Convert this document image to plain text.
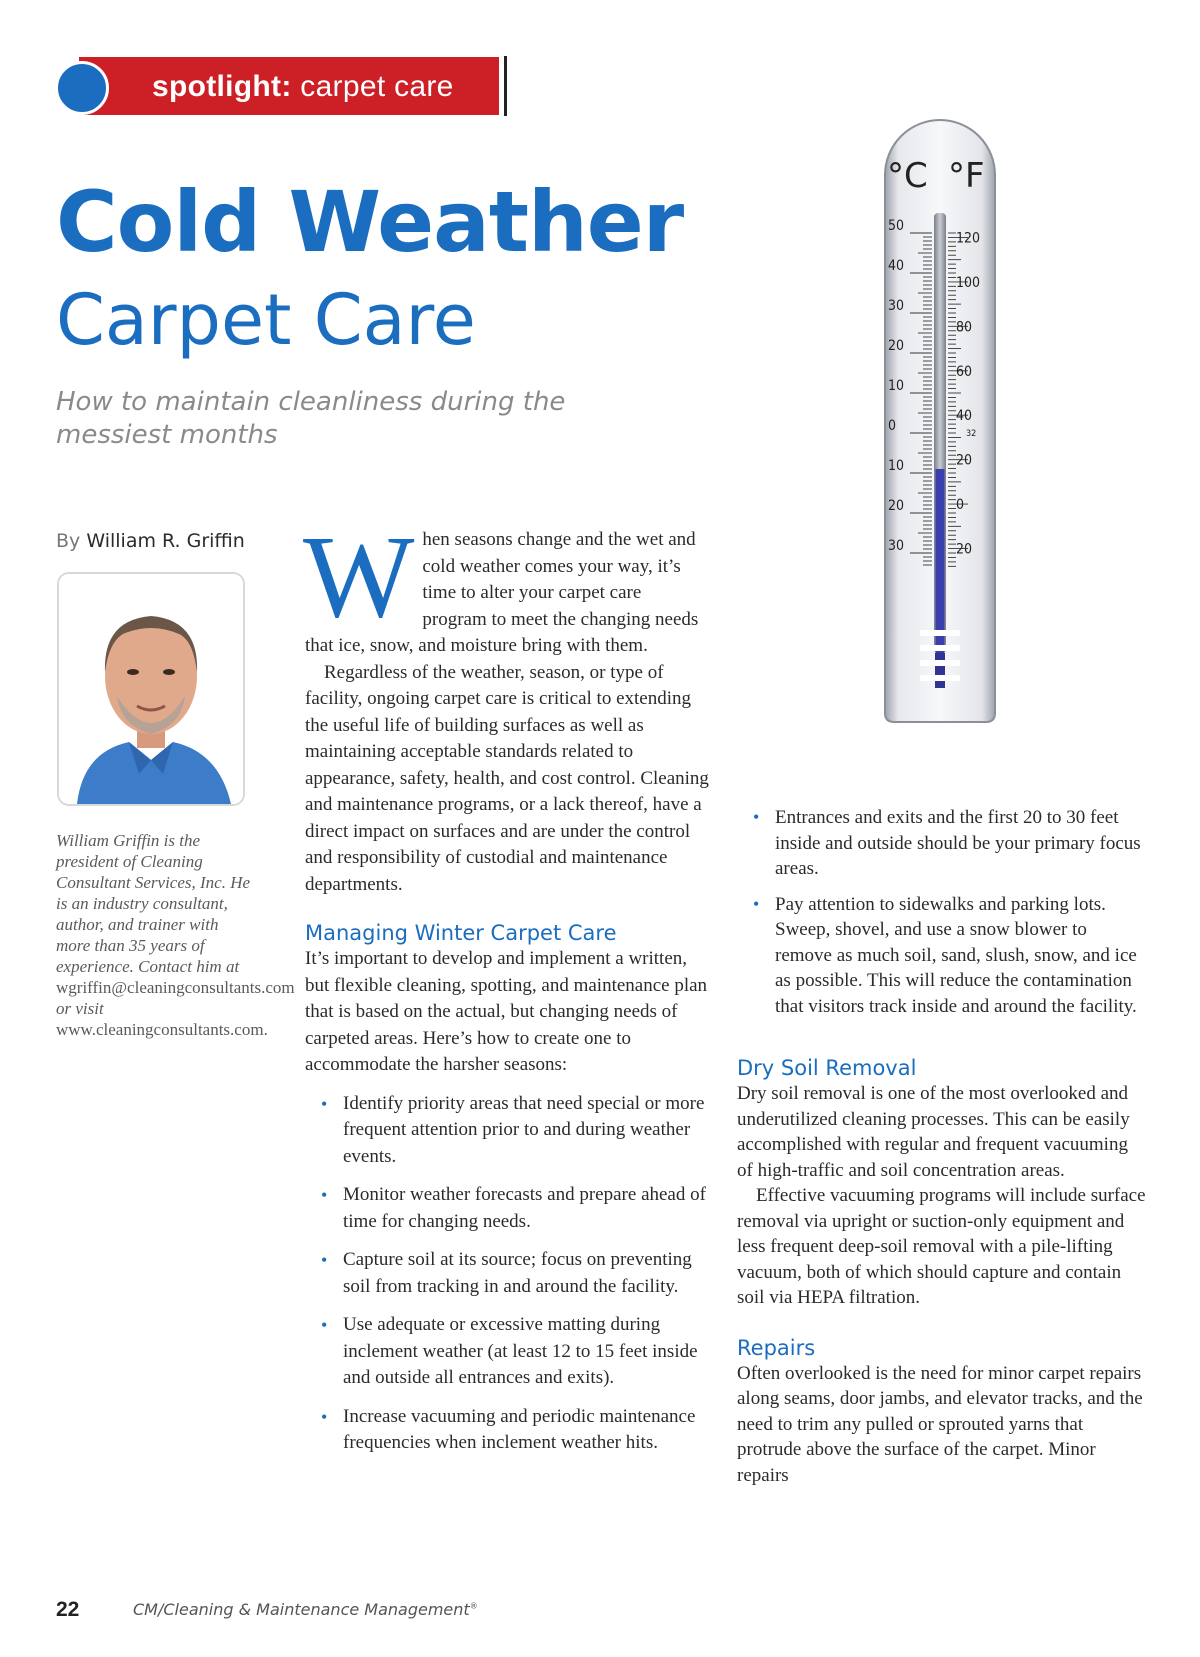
spotlight: carpet care
Cold Weather
Carpet Care
How to maintain cleanliness during the messiest months
°C °F
50
40
30
20
10
0
10
20
30
120
100
80
60
40
32
20
0
20
By William R. Griffin
William Griffin is the president of Cleaning Consultant Services, Inc. He is an industry consultant, author, and trainer with more than 35 years of experience. Contact him at wgriffin@cleaningconsultants.com or visit www.cleaningconsultants.com.
W hen seasons change and the wet and cold weather comes your way, it’s time to alter your carpet care program to meet the changing needs that ice, snow, and moisture bring with them.

Regardless of the weather, season, or type of facility, ongoing carpet care is critical to extending the useful life of building surfaces as well as maintaining acceptable standards related to appearance, safety, health, and cost control. Cleaning and maintenance programs, or a lack thereof, have a direct impact on surfaces and are under the control and responsibility of custodial and maintenance departments.

Managing Winter Carpet Care

It’s important to develop and implement a written, but flexible cleaning, spotting, and maintenance plan that is based on the actual, but changing needs of carpeted areas. Here’s how to create one to accommodate the harsher seasons:

• Identify priority areas that need special or more frequent attention prior to and during weather events.
• Monitor weather forecasts and prepare ahead of time for changing needs.
• Capture soil at its source; focus on preventing soil from tracking in and around the facility.
• Use adequate or excessive matting during inclement weather (at least 12 to 15 feet inside and outside all entrances and exits).
• Increase vacuuming and periodic maintenance frequencies when inclement weather hits.
• Entrances and exits and the first 20 to 30 feet inside and outside should be your primary focus areas.
• Pay attention to sidewalks and parking lots. Sweep, shovel, and use a snow blower to remove as much soil, sand, slush, snow, and ice as possible. This will reduce the contamination that visitors track inside and around the facility.
Dry Soil Removal

Dry soil removal is one of the most overlooked and underutilized cleaning processes. This can be easily accomplished with regular and frequent vacuuming of high-traffic and soil concentration areas.

Effective vacuuming programs will include surface removal via upright or suction-only equipment and less frequent deep-soil removal with a pile-lifting vacuum, both of which should capture and contain soil via HEPA filtration.

Repairs

Often overlooked is the need for minor carpet repairs along seams, door jambs, and elevator tracks, and the need to trim any pulled or sprouted yarns that protrude above the surface of the carpet. Minor repairs

22	CM/Cleaning & Maintenance Management®
